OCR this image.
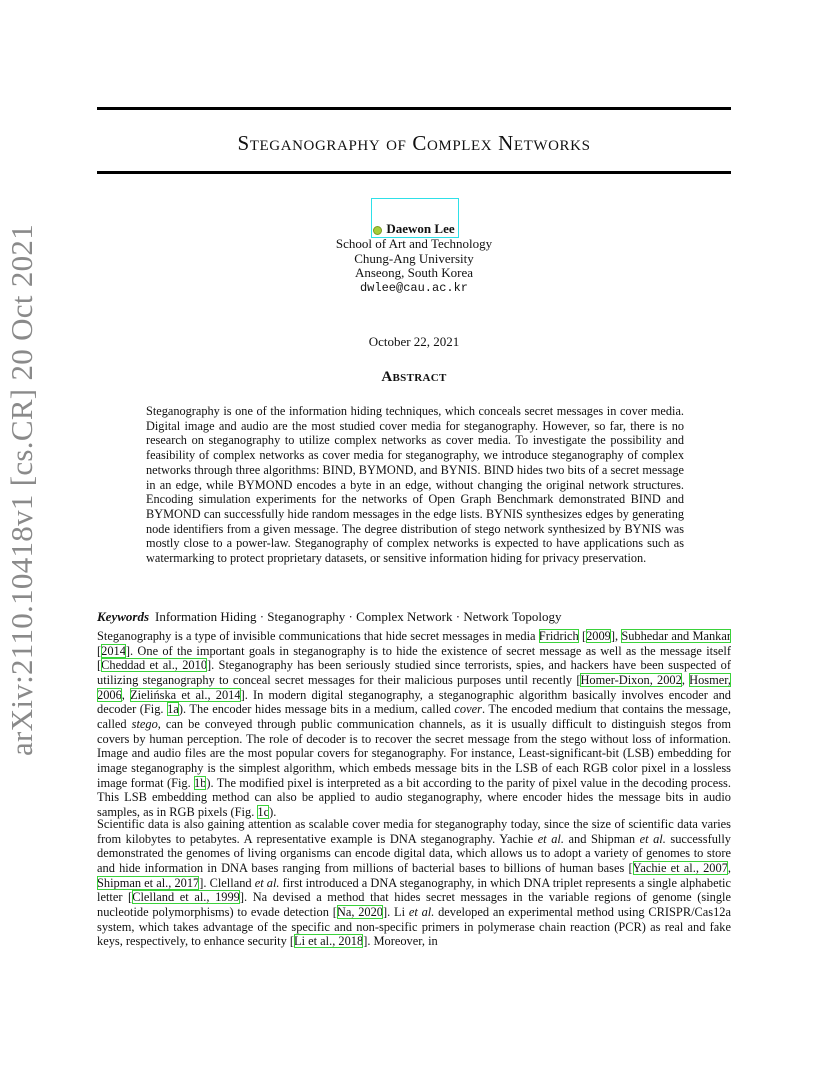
arXiv:2110.10418v1 [cs.CR] 20 Oct 2021
Steganography of Complex Networks
Daewon Lee
School of Art and Technology
Chung-Ang University
Anseong, South Korea
dwlee@cau.ac.kr
October 22, 2021
Abstract
Steganography is one of the information hiding techniques, which conceals secret messages in cover media. Digital image and audio are the most studied cover media for steganography. However, so far, there is no research on steganography to utilize complex networks as cover media. To investigate the possibility and feasibility of complex networks as cover media for steganography, we introduce steganography of complex networks through three algorithms: BIND, BYMOND, and BYNIS. BIND hides two bits of a secret message in an edge, while BYMOND encodes a byte in an edge, without changing the original network structures. Encoding simulation experiments for the networks of Open Graph Benchmark demonstrated BIND and BYMOND can successfully hide random messages in the edge lists. BYNIS synthesizes edges by generating node identifiers from a given message. The degree distribution of stego network synthesized by BYNIS was mostly close to a power-law. Steganography of complex networks is expected to have applications such as watermarking to protect proprietary datasets, or sensitive information hiding for privacy preservation.
Keywords Information Hiding · Steganography · Complex Network · Network Topology
Steganography is a type of invisible communications that hide secret messages in media Fridrich [2009], Subhedar and Mankar [2014]. One of the important goals in steganography is to hide the existence of secret message as well as the message itself [Cheddad et al., 2010]. Steganography has been seriously studied since terrorists, spies, and hackers have been suspected of utilizing steganography to conceal secret messages for their malicious purposes until recently [Homer-Dixon, 2002, Hosmer, 2006, Zielińska et al., 2014]. In modern digital steganography, a steganographic algorithm basically involves encoder and decoder (Fig. 1a). The encoder hides message bits in a medium, called cover. The encoded medium that contains the message, called stego, can be conveyed through public communication channels, as it is usually difficult to distinguish stegos from covers by human perception. The role of decoder is to recover the secret message from the stego without loss of information. Image and audio files are the most popular covers for steganography. For instance, Least-significant-bit (LSB) embedding for image steganography is the simplest algorithm, which embeds message bits in the LSB of each RGB color pixel in a lossless image format (Fig. 1b). The modified pixel is interpreted as a bit according to the parity of pixel value in the decoding process. This LSB embedding method can also be applied to audio steganography, where encoder hides the message bits in audio samples, as in RGB pixels (Fig. 1c).
Scientific data is also gaining attention as scalable cover media for steganography today, since the size of scientific data varies from kilobytes to petabytes. A representative example is DNA steganography. Yachie et al. and Shipman et al. successfully demonstrated the genomes of living organisms can encode digital data, which allows us to adopt a variety of genomes to store and hide information in DNA bases ranging from millions of bacterial bases to billions of human bases [Yachie et al., 2007, Shipman et al., 2017]. Clelland et al. first introduced a DNA steganography, in which DNA triplet represents a single alphabetic letter [Clelland et al., 1999]. Na devised a method that hides secret messages in the variable regions of genome (single nucleotide polymorphisms) to evade detection [Na, 2020]. Li et al. developed an experimental method using CRISPR/Cas12a system, which takes advantage of the specific and non-specific primers in polymerase chain reaction (PCR) as real and fake keys, respectively, to enhance security [Li et al., 2018]. Moreover, in
